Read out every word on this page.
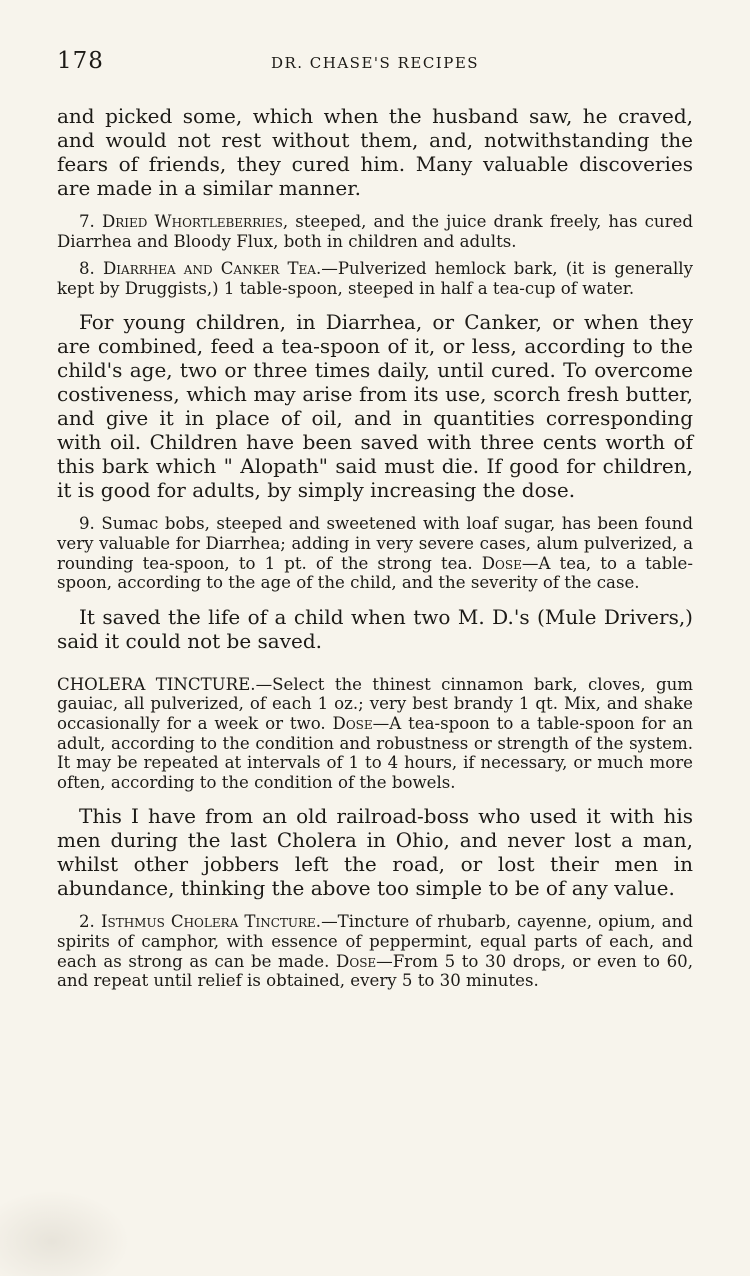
178	DR. CHASE'S RECIPES

and picked some, which when the husband saw, he craved, and would not rest without them, and, notwithstanding the fears of friends, they cured him. Many valuable discoveries are made in a similar manner.

7. Dried Whortleberries, steeped, and the juice drank freely, has cured Diarrhea and Bloody Flux, both in children and adults.

8. Diarrhea and Canker Tea.—Pulverized hemlock bark, (it is generally kept by Druggists,) 1 table-spoon, steeped in half a tea-cup of water.

For young children, in Diarrhea, or Canker, or when they are combined, feed a tea-spoon of it, or less, according to the child's age, two or three times daily, until cured. To overcome costiveness, which may arise from its use, scorch fresh butter, and give it in place of oil, and in quantities corresponding with oil. Children have been saved with three cents worth of this bark which " Alopath" said must die. If good for children, it is good for adults, by simply increasing the dose.

9. Sumac bobs, steeped and sweetened with loaf sugar, has been found very valuable for Diarrhea; adding in very severe cases, alum pulverized, a rounding tea-spoon, to 1 pt. of the strong tea. Dose—A tea, to a table-spoon, according to the age of the child, and the severity of the case.

It saved the life of a child when two M. D.'s (Mule Drivers,) said it could not be saved.

CHOLERA TINCTURE.—Select the thinest cinnamon bark, cloves, gum gauiac, all pulverized, of each 1 oz.; very best brandy 1 qt. Mix, and shake occasionally for a week or two. Dose—A tea-spoon to a table-spoon for an adult, according to the condition and robustness or strength of the system. It may be repeated at intervals of 1 to 4 hours, if necessary, or much more often, according to the condition of the bowels.

This I have from an old railroad-boss who used it with his men during the last Cholera in Ohio, and never lost a man, whilst other jobbers left the road, or lost their men in abundance, thinking the above too simple to be of any value.

2. Isthmus Cholera Tincture.—Tincture of rhubarb, cayenne, opium, and spirits of camphor, with essence of peppermint, equal parts of each, and each as strong as can be made. Dose—From 5 to 30 drops, or even to 60, and repeat until relief is obtained, every 5 to 30 minutes.
